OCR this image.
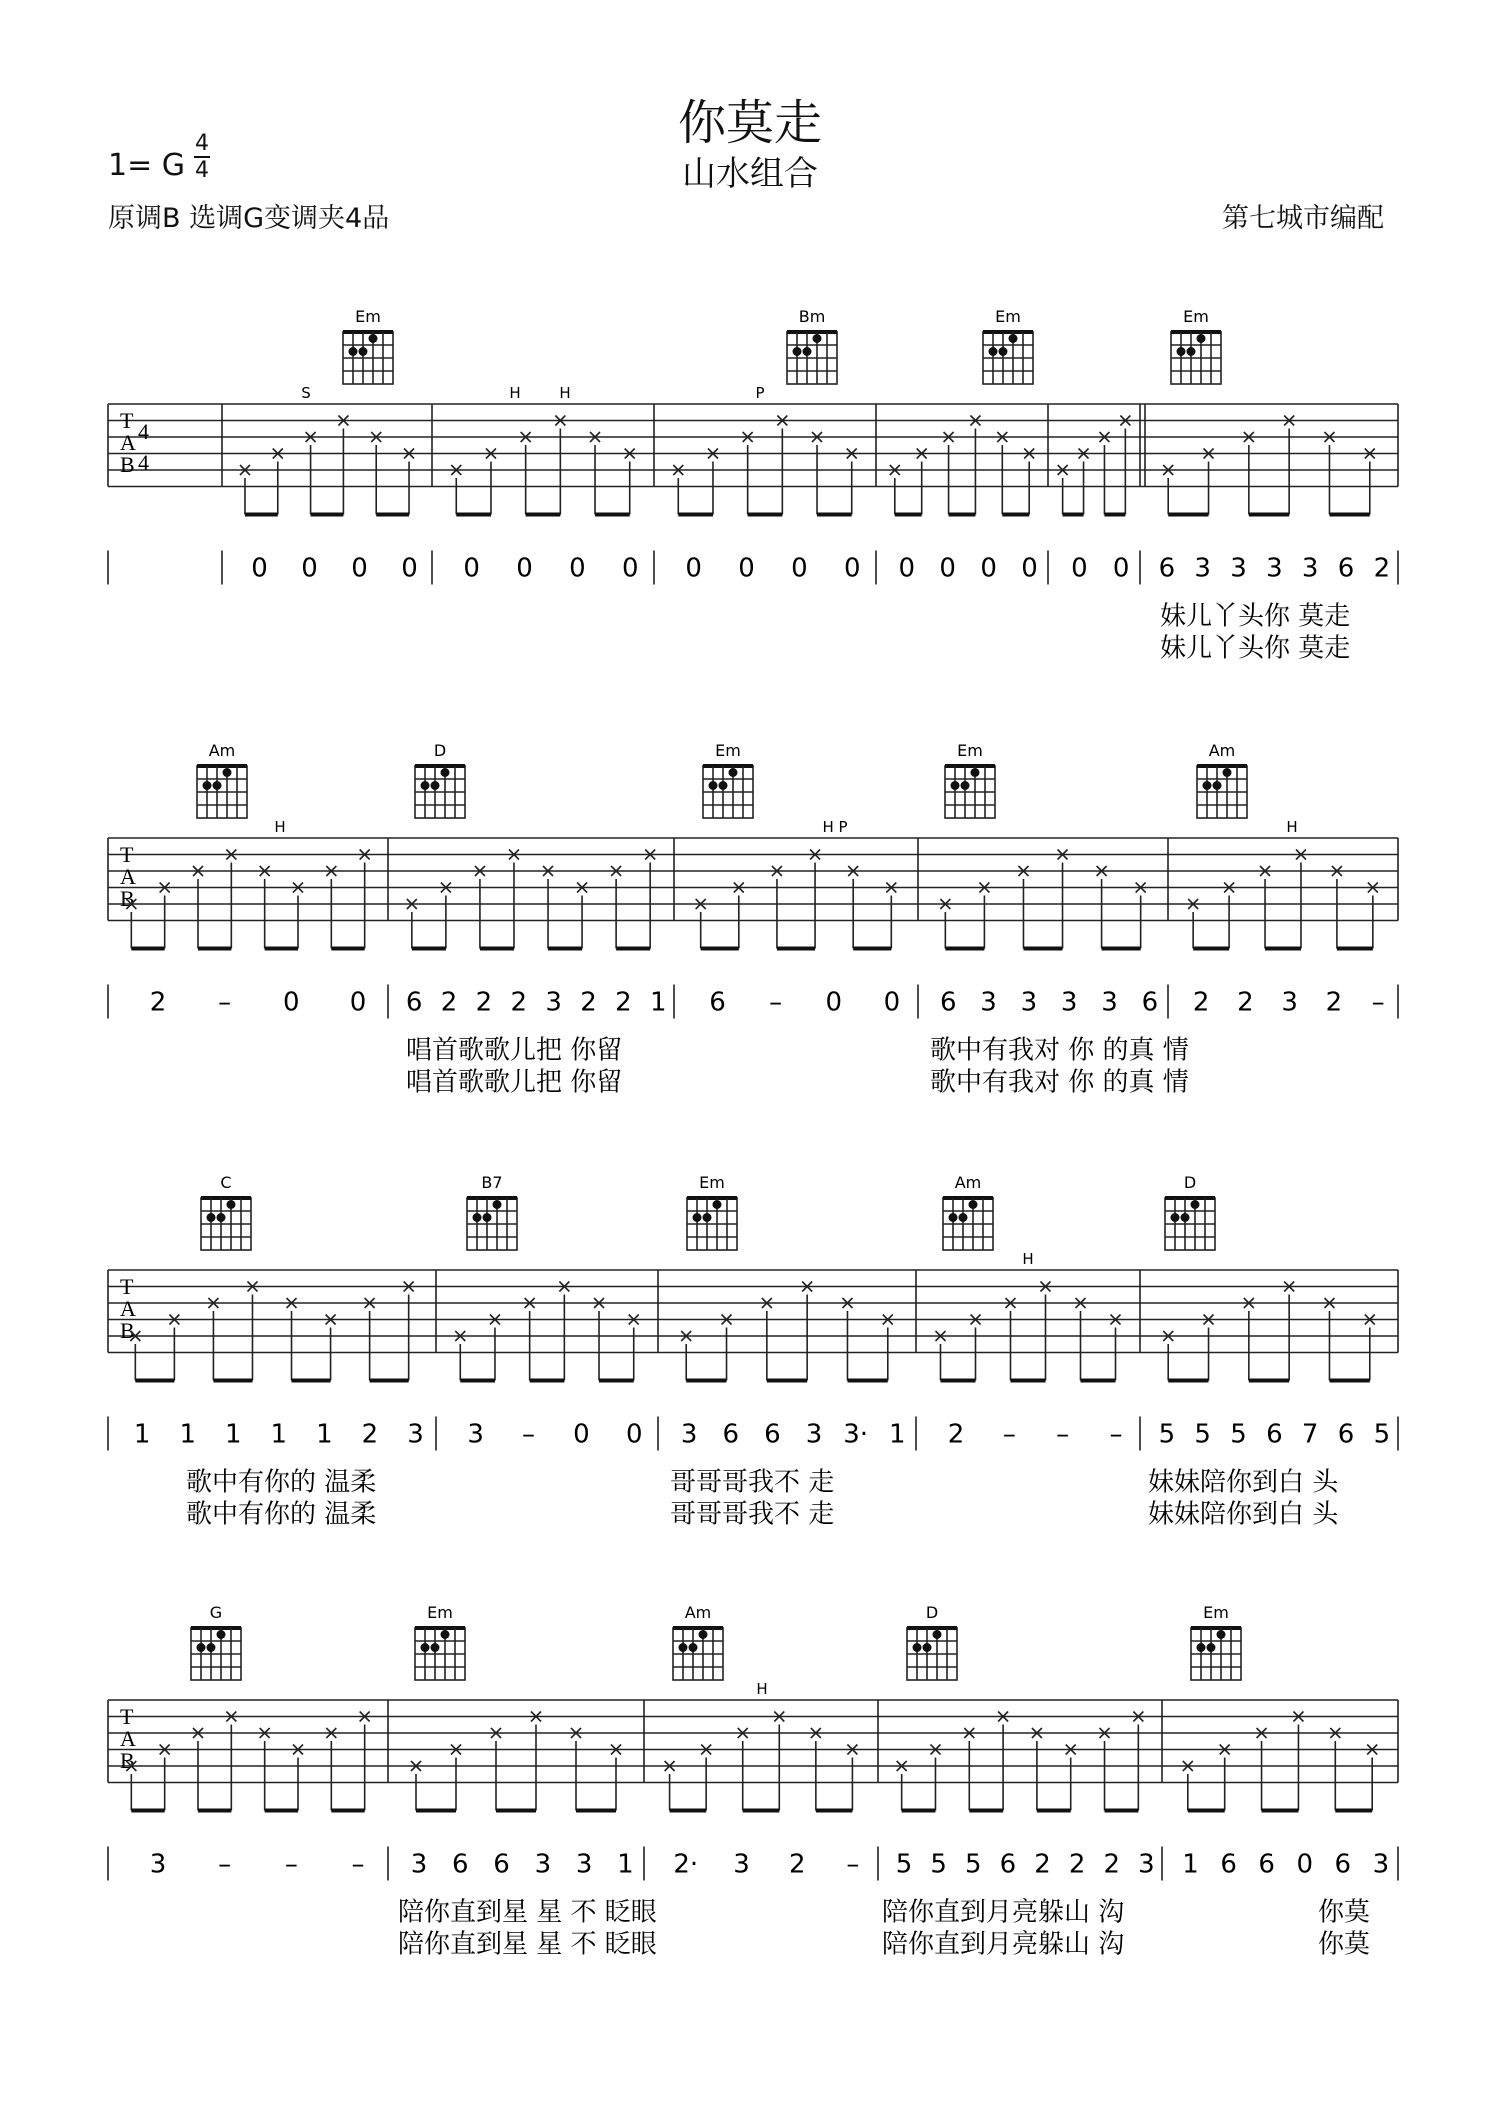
你莫走
山水组合
1= G
4
4
原调B 选调G变调夹4品	第七城市编配
T
A
B
4
4
Em	Bm	Em	Em
S	H	H	P
0 0 0 0 0 0 0 0 0 0 0 0 0 0 0 0 0 0 6 3 3 3 3 6 2
妹儿丫头你 莫走
妹儿丫头你 莫走
T
A
B
Am	D	Em	Em	Am
H	H P	H
2 – 0 0 6 2 2 2 3 2 2 1 6 – 0 0 6 3 3 3 3 6 2 2 3 2 –
唱首歌歌儿把 你留
唱首歌歌儿把 你留
歌中有我对 你 的真 情
歌中有我对 你 的真 情
T
A
B
C	B7	Em	Am	D
H
1 1 1 1 1 2 3 3 – 0 0 3 6 6 3 3· 1 2 – – – 5 5 5 6 7 6 5
歌中有你的 温柔
歌中有你的 温柔
哥哥哥我不 走
哥哥哥我不 走
妹妹陪你到白 头
妹妹陪你到白 头
T
A
B
G	Em	Am	D	Em
H
3 – – – 3 6 6 3 3 1 2· 3 2 – 5 5 5 6 2 2 2 3 1 6 6 0 6 3
陪你直到星 星 不 眨眼
陪你直到星 星 不 眨眼
陪你直到月亮躲山 沟
陪你直到月亮躲山 沟
你莫
你莫
